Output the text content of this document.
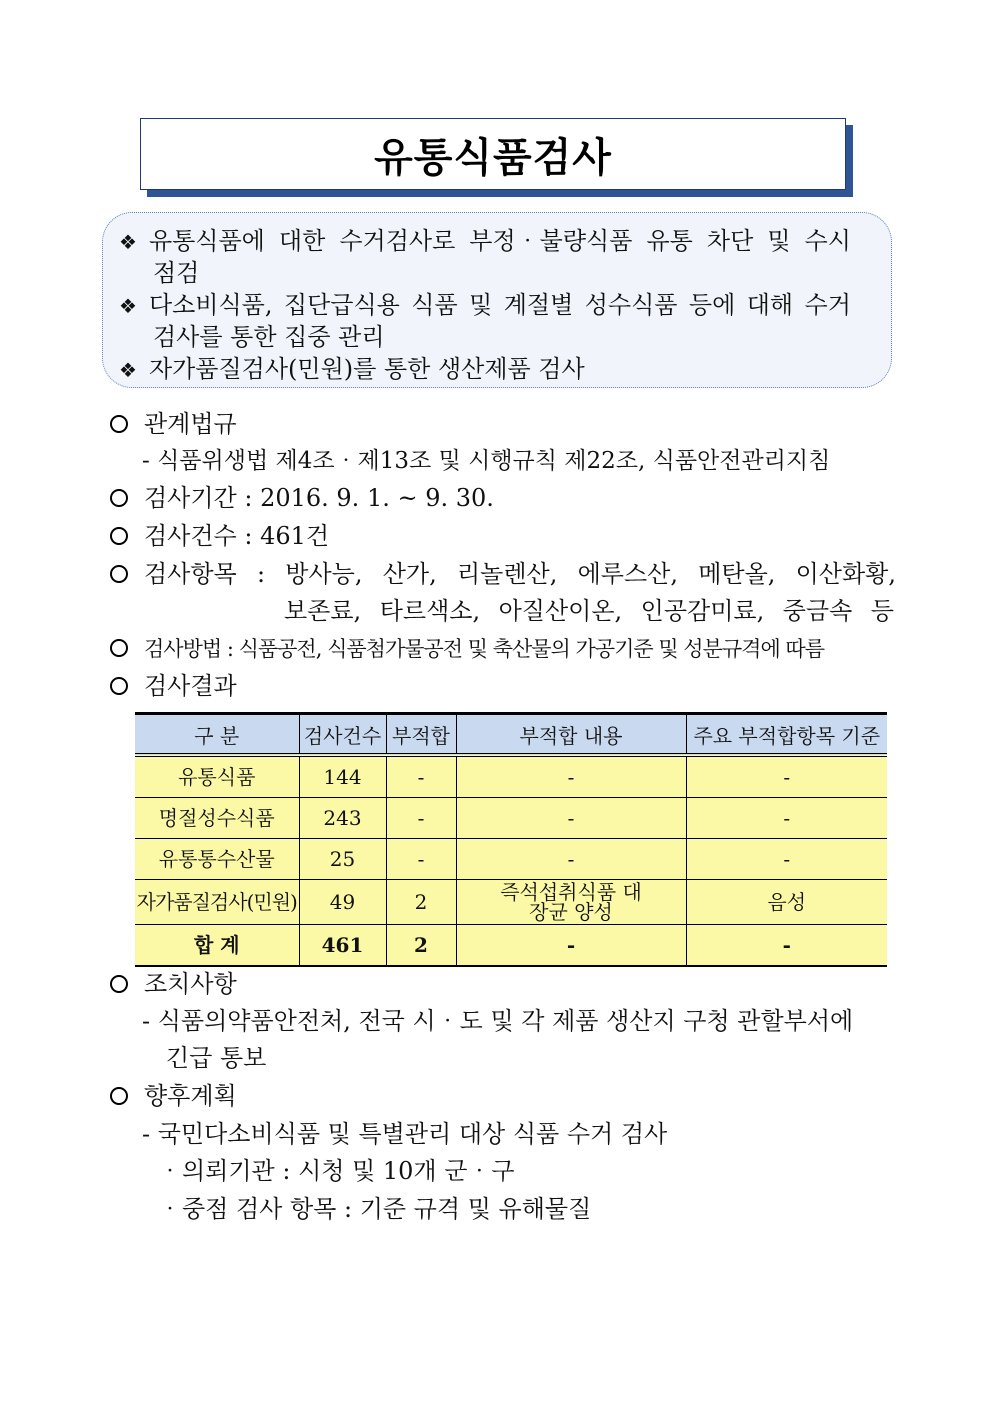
유통식품검사
❖ 유통식품에 대한 수거검사로 부정‧불량식품 유통 차단 및 수시
점검
❖ 다소비식품, 집단급식용 식품 및 계절별 성수식품 등에 대해 수거
검사를 통한 집중 관리
❖ 자가품질검사(민원)를 통한 생산제품 검사
관계법규
- 식품위생법 제4조‧제13조 및 시행규칙 제22조, 식품안전관리지침
검사기간 : 2016. 9. 1. ~ 9. 30.
검사건수 : 461건
검사항목 : 방사능, 산가, 리놀렌산, 에루스산, 메탄올, 이산화황,
보존료, 타르색소, 아질산이온, 인공감미료, 중금속 등
검사방법 : 식품공전, 식품첨가물공전 및 축산물의 가공기준 및 성분규격에 따름
검사결과
구 분	검사건수	부적합	부적합 내용	주요 부적합항목 기준
유통식품	144	-	-	-
명절성수식품	243	-	-	-
유통통수산물	25	-	-	-
자가품질검사(민원)	49	2	즉석섭취식품 대장균 양성	음성
합 계	461	2	-	-
조치사항
- 식품의약품안전처, 전국 시‧도 및 각 제품 생산지 구청 관할부서에
긴급 통보
향후계획
- 국민다소비식품 및 특별관리 대상 식품 수거 검사
‧의뢰기관 : 시청 및 10개 군‧구
‧중점 검사 항목 : 기준 규격 및 유해물질
